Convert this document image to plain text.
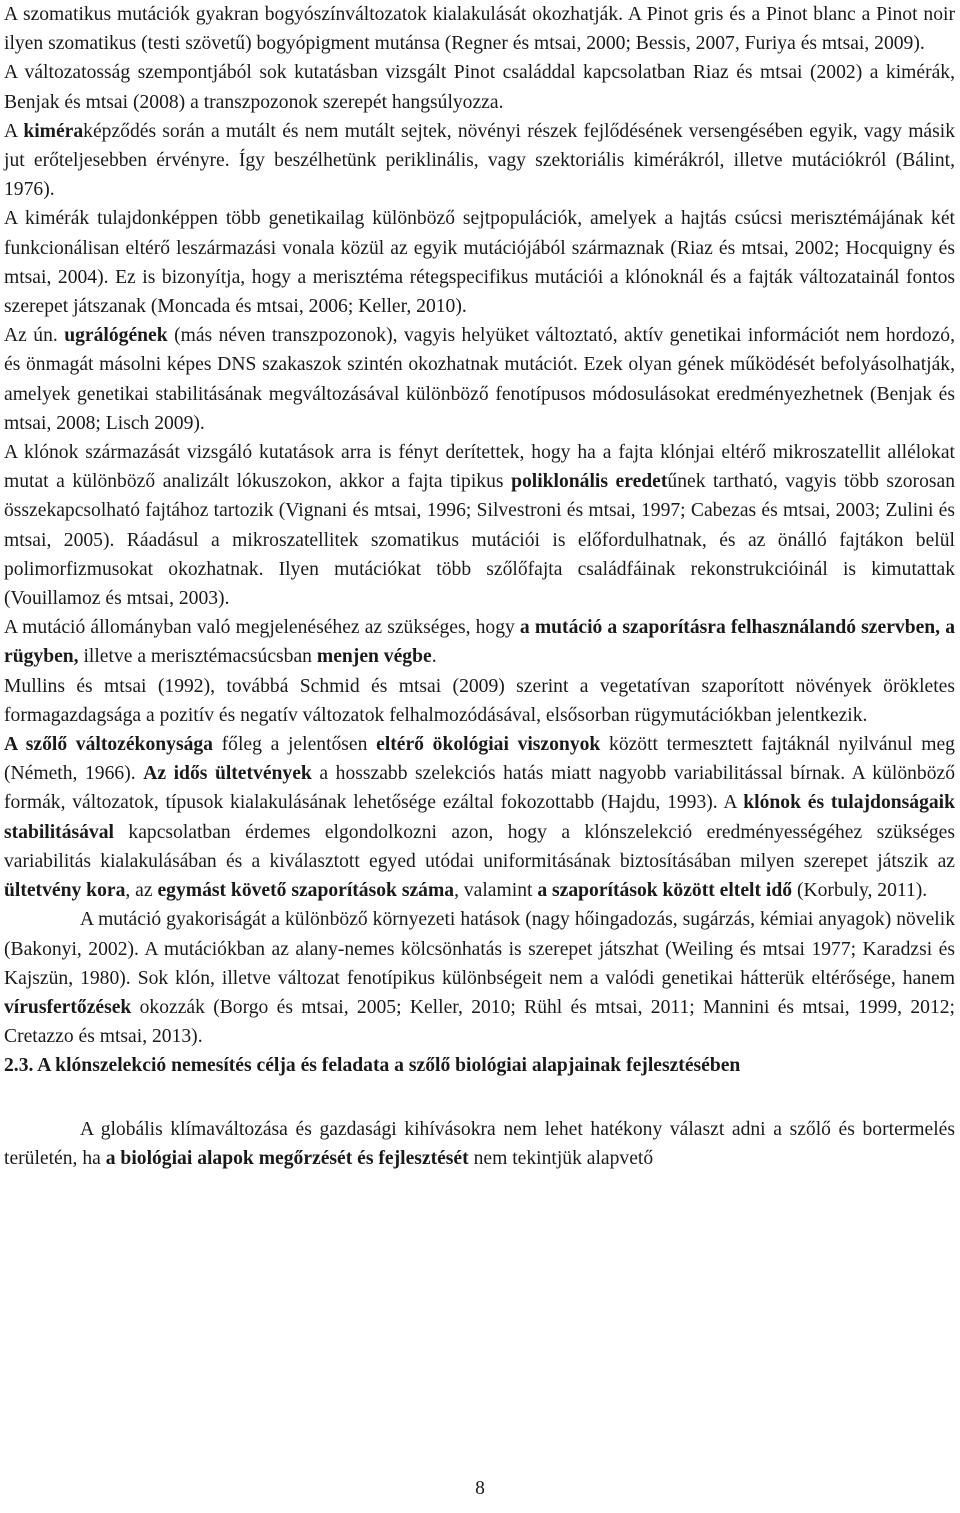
A szomatikus mutációk gyakran bogyószínváltozatok kialakulását okozhatják. A Pinot gris és a Pinot blanc a Pinot noir ilyen szomatikus (testi szövetű) bogyópigment mutánsa (Regner és mtsai, 2000; Bessis, 2007, Furiya és mtsai, 2009).

A változatosság szempontjából sok kutatásban vizsgált Pinot családdal kapcsolatban Riaz és mtsai (2002) a kimérák, Benjak és mtsai (2008) a transzpozonok szerepét hangsúlyozza.

A kiméraképződés során a mutált és nem mutált sejtek, növényi részek fejlődésének versengésében egyik, vagy másik jut erőteljesebben érvényre. Így beszélhetünk periklinális, vagy szektoriális kimérákról, illetve mutációkról (Bálint, 1976).

A kimérák tulajdonképpen több genetikailag különböző sejtpopulációk, amelyek a hajtás csúcsi merisztémájának két funkcionálisan eltérő leszármazási vonala közül az egyik mutációjából származnak (Riaz és mtsai, 2002; Hocquigny és mtsai, 2004). Ez is bizonyítja, hogy a merisztéma rétegspecifikus mutációi a klónoknál és a fajták változatainál fontos szerepet játszanak (Moncada és mtsai, 2006; Keller, 2010).

Az ún. ugrálógének (más néven transzpozonok), vagyis helyüket változtató, aktív genetikai információt nem hordozó, és önmagát másolni képes DNS szakaszok szintén okozhatnak mutációt. Ezek olyan gének működését befolyásolhatják, amelyek genetikai stabilitásának megváltozásával különböző fenotípusos módosulásokat eredményezhetnek (Benjak és mtsai, 2008; Lisch 2009).

A klónok származását vizsgáló kutatások arra is fényt derítettek, hogy ha a fajta klónjai eltérő mikroszatellit allélokat mutat a különböző analizált lókuszokon, akkor a fajta tipikus poliklonális eredetűnek tartható, vagyis több szorosan összekapcsolható fajtához tartozik (Vignani és mtsai, 1996; Silvestroni és mtsai, 1997; Cabezas és mtsai, 2003; Zulini és mtsai, 2005). Ráadásul a mikroszatellitek szomatikus mutációi is előfordulhatnak, és az önálló fajtákon belül polimorfizmusokat okozhatnak. Ilyen mutációkat több szőlőfajta családfáinak rekonstrukcióinál is kimutattak (Vouillamoz és mtsai, 2003).

A mutáció állományban való megjelenéséhez az szükséges, hogy a mutáció a szaporításra felhasználandó szervben, a rügyben, illetve a merisztémacsúcsban menjen végbe.

Mullins és mtsai (1992), továbbá Schmid és mtsai (2009) szerint a vegetatívan szaporított növények örökletes formagazdagsága a pozitív és negatív változatok felhalmozódásával, elsősorban rügymutációkban jelentkezik.

A szőlő változékonysága főleg a jelentősen eltérő ökológiai viszonyok között termesztett fajtáknál nyilvánul meg (Németh, 1966). Az idős ültetvények a hosszabb szelekciós hatás miatt nagyobb variabilitással bírnak. A különböző formák, változatok, típusok kialakulásának lehetősége ezáltal fokozottabb (Hajdu, 1993). A klónok és tulajdonságaik stabilitásával kapcsolatban érdemes elgondolkozni azon, hogy a klónszelekció eredményességéhez szükséges variabilitás kialakulásában és a kiválasztott egyed utódai uniformitásának biztosításában milyen szerepet játszik az ültetvény kora, az egymást követő szaporítások száma, valamint a szaporítások között eltelt idő (Korbuly, 2011).

A mutáció gyakoriságát a különböző környezeti hatások (nagy hőingadozás, sugárzás, kémiai anyagok) növelik (Bakonyi, 2002). A mutációkban az alany-nemes kölcsönhatás is szerepet játszhat (Weiling és mtsai 1977; Karadzsi és Kajszün, 1980). Sok klón, illetve változat fenotípikus különbségeit nem a valódi genetikai hátterük eltérősége, hanem vírusfertőzések okozzák (Borgo és mtsai, 2005; Keller, 2010; Rühl és mtsai, 2011; Mannini és mtsai, 1999, 2012; Cretazzo és mtsai, 2013).

2.3. A klónszelekció nemesítés célja és feladata a szőlő biológiai alapjainak fejlesztésében

A globális klímaváltozása és gazdasági kihívásokra nem lehet hatékony választ adni a szőlő és bortermelés területén, ha a biológiai alapok megőrzését és fejlesztését nem tekintjük alapvető

8
